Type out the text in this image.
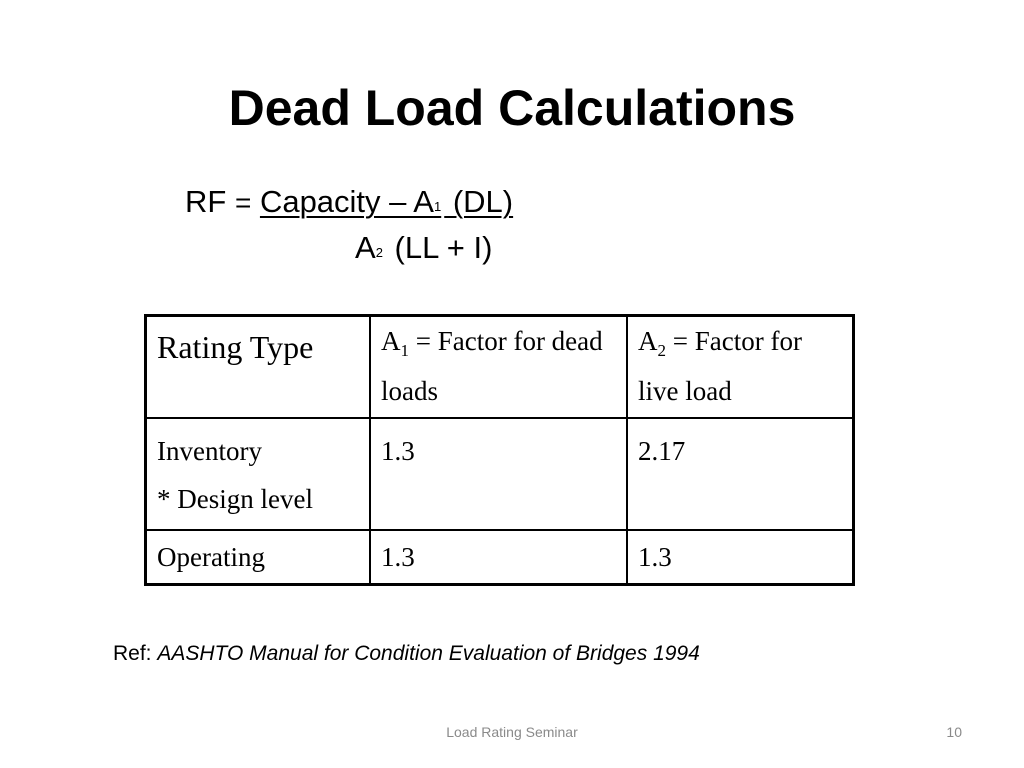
Dead Load Calculations
RF = Capacity – A1 (DL)
A2 (LL + I)
Rating Type	$A_1$ = Factor for dead loads	$A_2$ = Factor for live load

Inventory
* Design level	1.3	2.17
Operating	1.3	1.3
Ref: AASHTO Manual for Condition Evaluation of Bridges 1994
Load Rating Seminar	10
